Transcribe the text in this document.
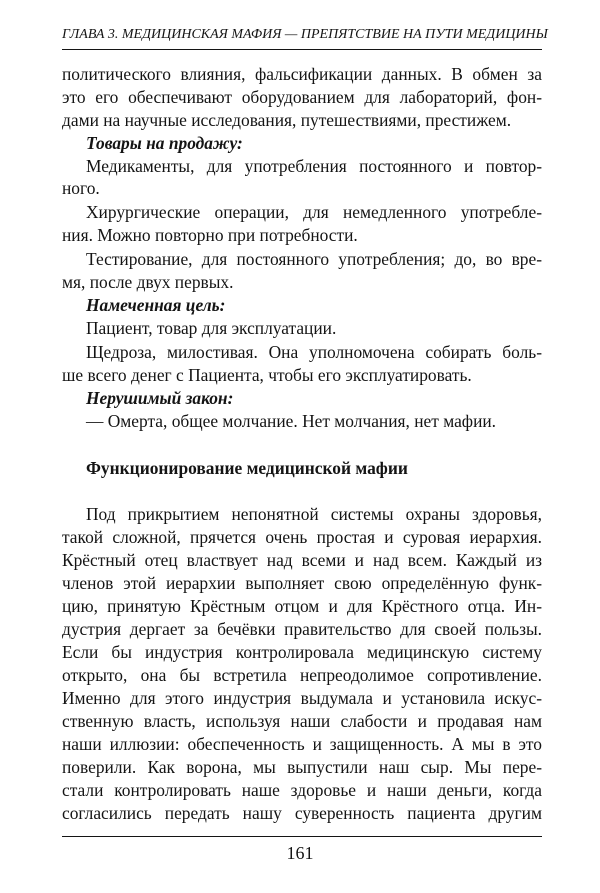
ГЛАВА 3. МЕДИЦИНСКАЯ МАФИЯ — ПРЕПЯТСТВИЕ НА ПУТИ МЕДИЦИНЫ
политического влияния, фальсификации данных. В обмен за
это его обеспечивают оборудованием для лабораторий, фон-
дами на научные исследования, путешествиями, престижем.
Товары на продажу:
Медикаменты, для употребления постоянного и повтор-
ного.
Хирургические операции, для немедленного употребле-
ния. Можно повторно при потребности.
Тестирование, для постоянного употребления; до, во вре-
мя, после двух первых.
Намеченная цель:
Пациент, товар для эксплуатации.
Щедроза, милостивая. Она уполномочена собирать боль-
ше всего денег с Пациента, чтобы его эксплуатировать.
Нерушимый закон:
— Омерта, общее молчание. Нет молчания, нет мафии.
Функционирование медицинской мафии
Под прикрытием непонятной системы охраны здоровья,
такой сложной, прячется очень простая и суровая иерархия.
Крёстный отец властвует над всеми и над всем. Каждый из
членов этой иерархии выполняет свою определённую функ-
цию, принятую Крёстным отцом и для Крёстного отца. Ин-
дустрия дергает за бечёвки правительство для своей пользы.
Если бы индустрия контролировала медицинскую систему
открыто, она бы встретила непреодолимое сопротивление.
Именно для этого индустрия выдумала и установила искус-
ственную власть, используя наши слабости и продавая нам
наши иллюзии: обеспеченность и защищенность. А мы в это
поверили. Как ворона, мы выпустили наш сыр. Мы пере-
стали контролировать наше здоровье и наши деньги, когда
согласились передать нашу суверенность пациента другим
161
